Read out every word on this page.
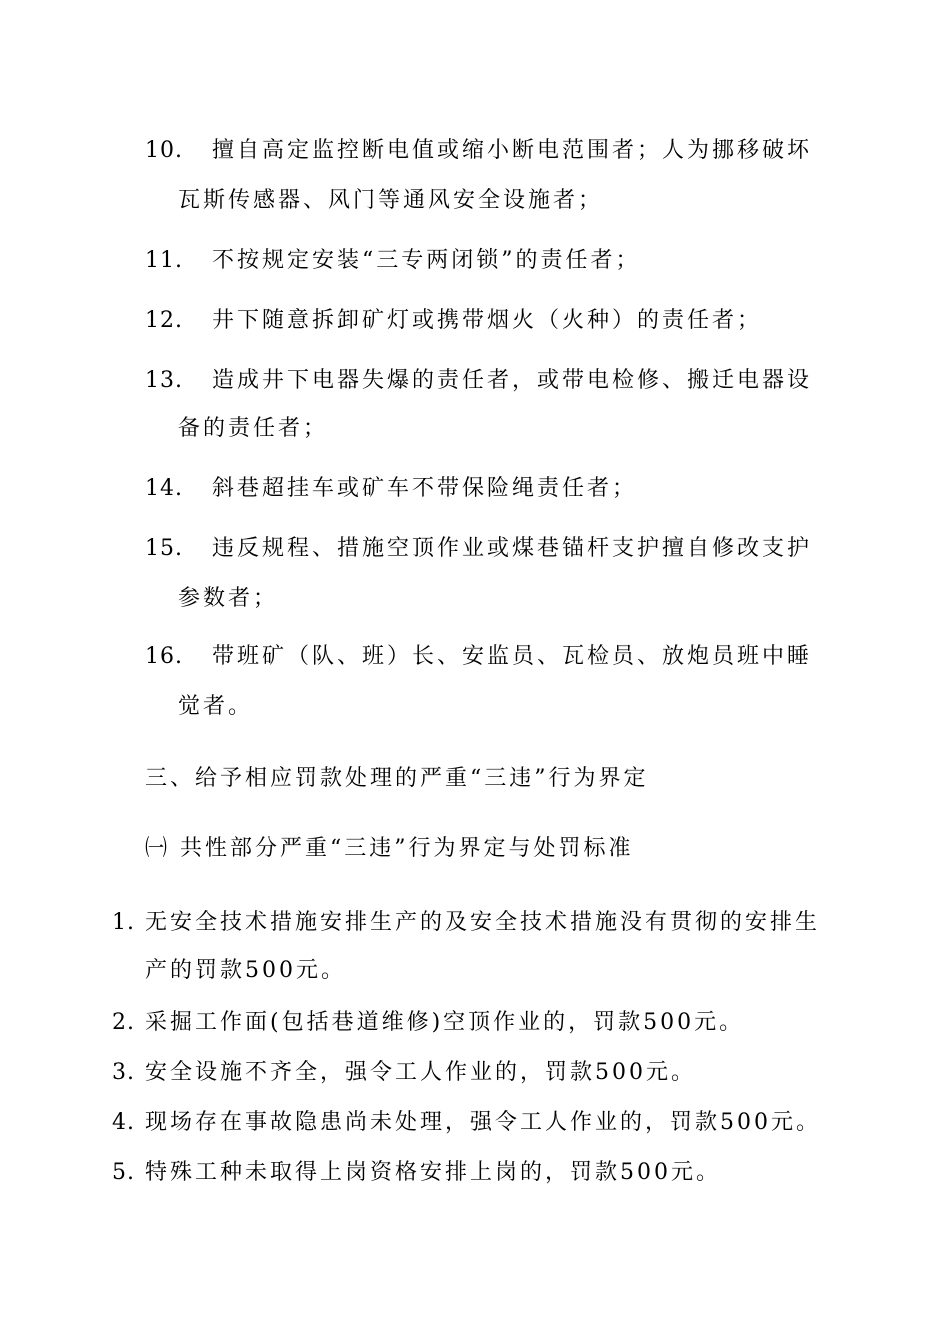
10. 擅自高定监控断电值或缩小断电范围者；人为挪移破坏
瓦斯传感器、风门等通风安全设施者；
11. 不按规定安装“三专两闭锁”的责任者；
12. 井下随意拆卸矿灯或携带烟火（火种）的责任者；
13. 造成井下电器失爆的责任者，或带电检修、搬迁电器设
备的责任者；
14. 斜巷超挂车或矿车不带保险绳责任者；
15. 违反规程、措施空顶作业或煤巷锚杆支护擅自修改支护
参数者；
16. 带班矿（队、班）长、安监员、瓦检员、放炮员班中睡
觉者。
三、给予相应罚款处理的严重“三违”行为界定
㈠ 共性部分严重“三违”行为界定与处罚标准
1. 无安全技术措施安排生产的及安全技术措施没有贯彻的安排生
产的罚款500元。
2. 采掘工作面(包括巷道维修)空顶作业的，罚款500元。
3. 安全设施不齐全，强令工人作业的，罚款500元。
4. 现场存在事故隐患尚未处理，强令工人作业的，罚款500元。
5. 特殊工种未取得上岗资格安排上岗的，罚款500元。
